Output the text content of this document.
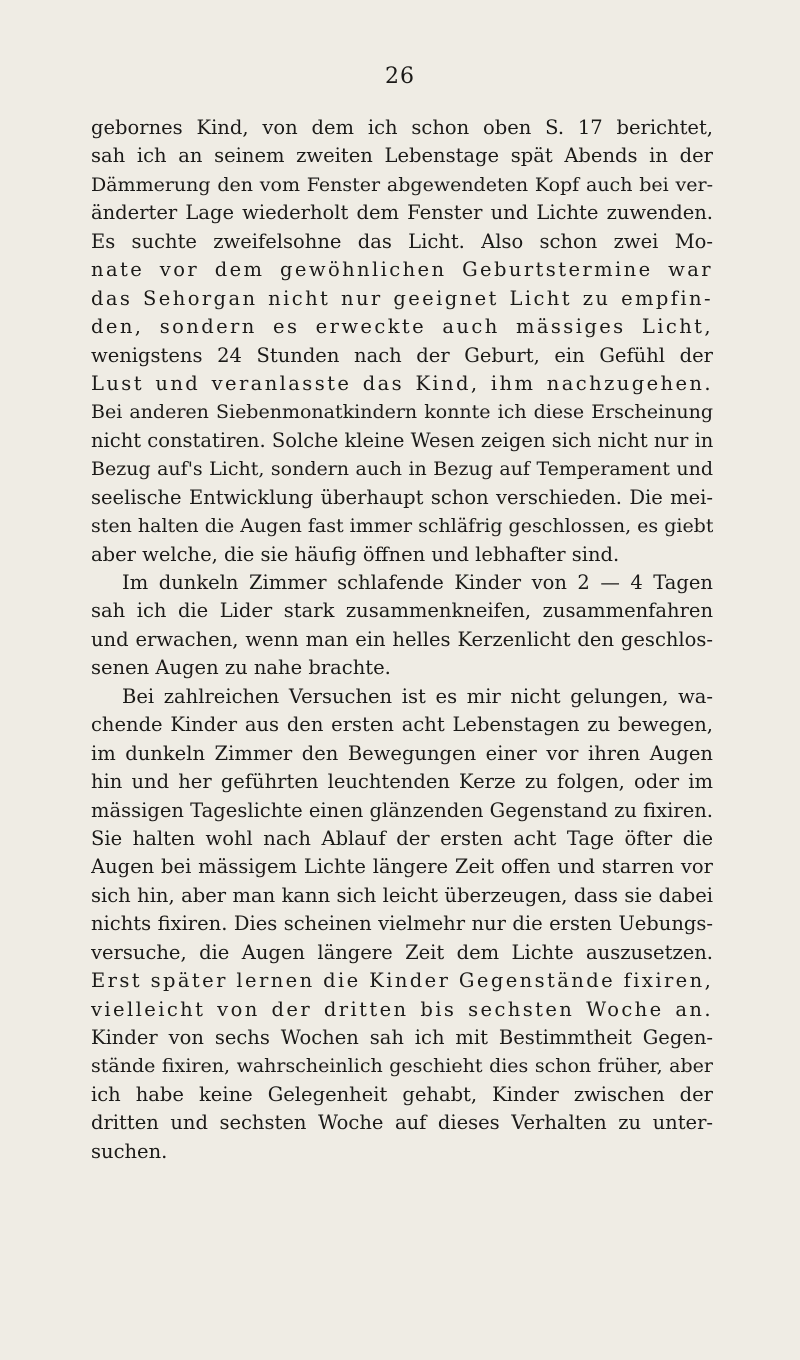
26
gebornes Kind, von dem ich schon oben S. 17 berichtet,
sah ich an seinem zweiten Lebenstage spät Abends in der
Dämmerung den vom Fenster abgewendeten Kopf auch bei ver-
änderter Lage wiederholt dem Fenster und Lichte zuwenden.
Es suchte zweifelsohne das Licht. Also schon zwei Mo-
nate vor dem gewöhnlichen Geburtstermine war
das Sehorgan nicht nur geeignet Licht zu empfin-
den, sondern es erweckte auch mässiges Licht,
wenigstens 24 Stunden nach der Geburt, ein Gefühl der
Lust und veranlasste das Kind, ihm nachzugehen.
Bei anderen Siebenmonatkindern konnte ich diese Erscheinung
nicht constatiren. Solche kleine Wesen zeigen sich nicht nur in
Bezug auf's Licht, sondern auch in Bezug auf Temperament und
seelische Entwicklung überhaupt schon verschieden. Die mei-
sten halten die Augen fast immer schläfrig geschlossen, es giebt
aber welche, die sie häufig öffnen und lebhafter sind.
Im dunkeln Zimmer schlafende Kinder von 2 — 4 Tagen
sah ich die Lider stark zusammenkneifen, zusammenfahren
und erwachen, wenn man ein helles Kerzenlicht den geschlos-
senen Augen zu nahe brachte.
Bei zahlreichen Versuchen ist es mir nicht gelungen, wa-
chende Kinder aus den ersten acht Lebenstagen zu bewegen,
im dunkeln Zimmer den Bewegungen einer vor ihren Augen
hin und her geführten leuchtenden Kerze zu folgen, oder im
mässigen Tageslichte einen glänzenden Gegenstand zu fixiren.
Sie halten wohl nach Ablauf der ersten acht Tage öfter die
Augen bei mässigem Lichte längere Zeit offen und starren vor
sich hin, aber man kann sich leicht überzeugen, dass sie dabei
nichts fixiren. Dies scheinen vielmehr nur die ersten Uebungs-
versuche, die Augen längere Zeit dem Lichte auszusetzen.
Erst später lernen die Kinder Gegenstände fixiren,
vielleicht von der dritten bis sechsten Woche an.
Kinder von sechs Wochen sah ich mit Bestimmtheit Gegen-
stände fixiren, wahrscheinlich geschieht dies schon früher, aber
ich habe keine Gelegenheit gehabt, Kinder zwischen der
dritten und sechsten Woche auf dieses Verhalten zu unter-
suchen.
